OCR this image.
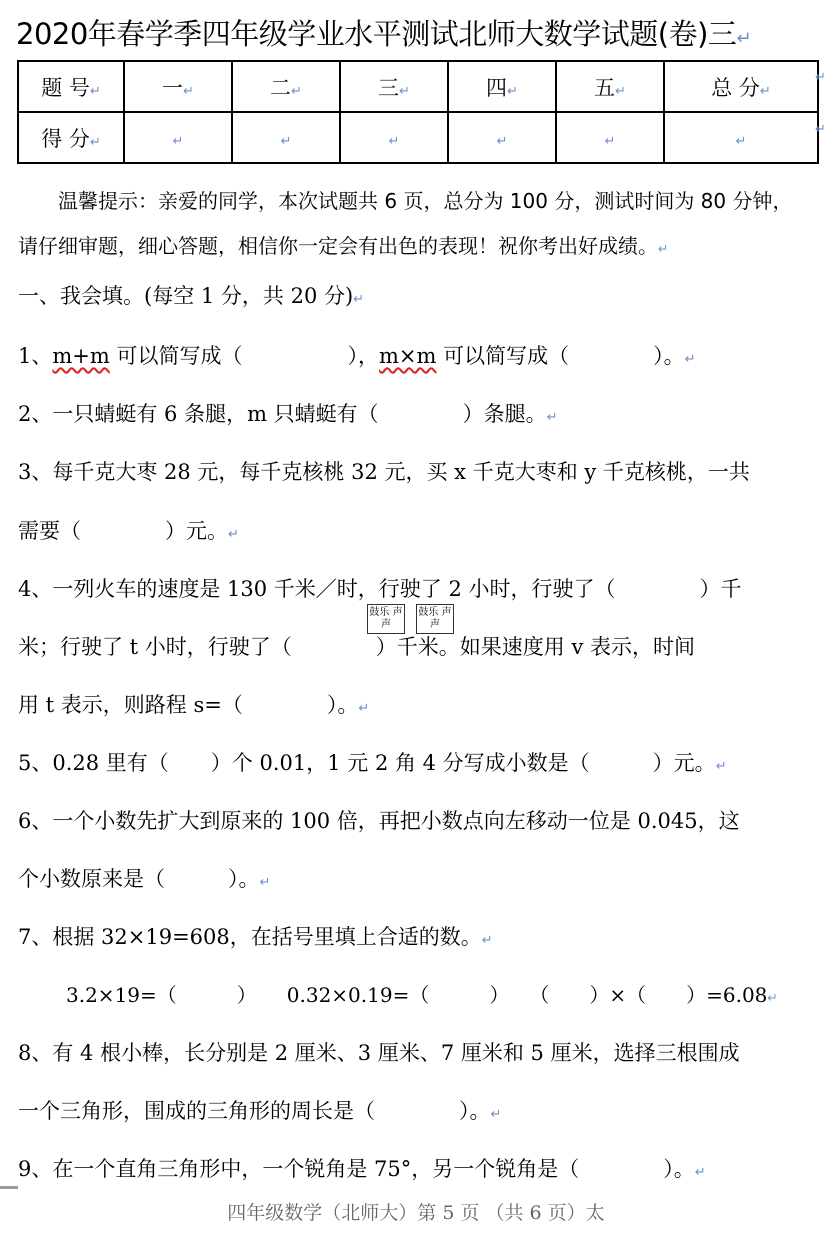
2020年春学季四年级学业水平测试北师大数学试题(卷)三↵
题 号↵	一↵	二↵	三↵	四↵	五↵	总 分↵
得 分↵	↵	↵	↵	↵	↵	↵
↵
↵
温馨提示：亲爱的同学，本次试题共 6 页，总分为 100 分，测试时间为 80 分钟，
请仔细审题，细心答题，相信你一定会有出色的表现！祝你考出好成绩。↵
一、我会填。(每空 1 分，共 20 分)↵
1、m+m 可以简写成（　　　　　），m×m 可以简写成（　　　　）。↵
2、一只蜻蜓有 6 条腿，m 只蜻蜓有（　　　　）条腿。↵
3、每千克大枣 28 元，每千克核桃 32 元，买 x 千克大枣和 y 千克核桃，一共
需要（　　　　）元。↵
4、一列火车的速度是 130 千米／时，行驶了 2 小时，行驶了（　　　　）千
米；行驶了 t 小时，行驶了（　　　　）千米。如果速度用 v 表示，时间
鼓乐 声声
鼓乐 声声
用 t 表示，则路程 s=（　　　　）。↵
5、0.28 里有（　　）个 0.01，1 元 2 角 4 分写成小数是（　　　）元。↵
6、一个小数先扩大到原来的 100 倍，再把小数点向左移动一位是 0.045，这
个小数原来是（　　　）。↵
7、根据 32×19=608，在括号里填上合适的数。↵
3.2×19=（　　　）　　0.32×0.19=（　　　）　　（　　）×（　　）=6.08↵
8、有 4 根小棒，长分别是 2 厘米、3 厘米、7 厘米和 5 厘米，选择三根围成
一个三角形，围成的三角形的周长是（　　　　）。↵
9、在一个直角三角形中，一个锐角是 75°，另一个锐角是（　　　　）。↵
四年级数学（北师大）第 5 页 （共 6 页）太
